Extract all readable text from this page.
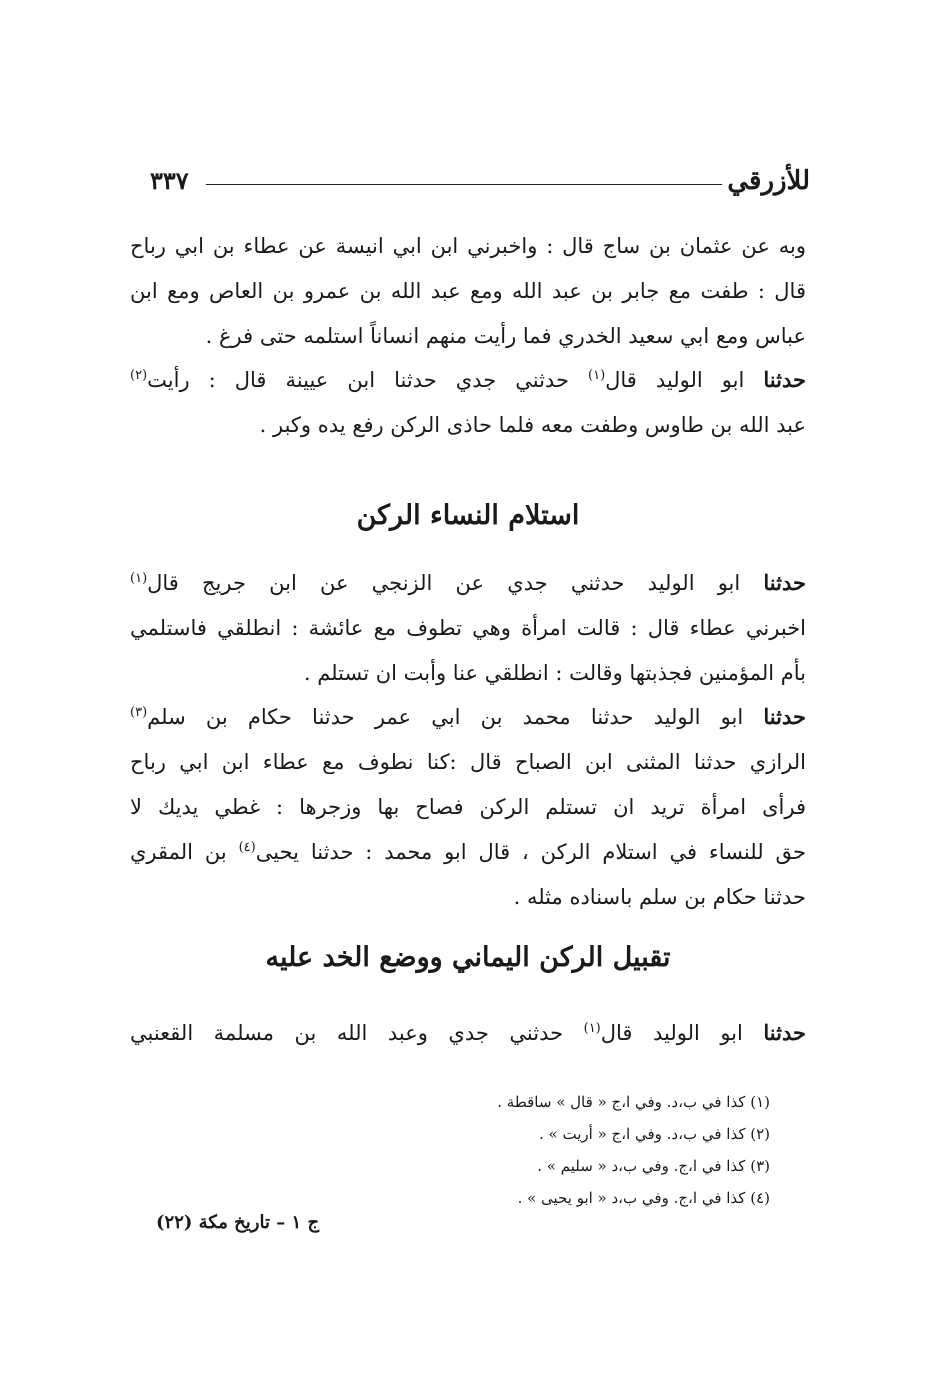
٣٣٧	للأزرقي
وبه عن عثمان بن ساج قال : واخبرني ابن ابي انيسة عن عطاء بن ابي رباح
قال : طفت مع جابر بن عبد الله ومع عبد الله بن عمرو بن العاص ومع ابن
عباس ومع ابي سعيد الخدري فما رأيت منهم انساناً استلمه حتى فرغ .
حدثنا ابو الوليد قال$^{(١)}$ حدثني جدي حدثنا ابن عيينة قال : رأيت$^{(٢)}$
عبد الله بن طاوس وطفت معه فلما حاذى الركن رفع يده وكبر .
استلام النساء الركن
حدثنا ابو الوليد حدثني جدي عن الزنجي عن ابن جريج قال$^{(١)}$
اخبرني عطاء قال : قالت امرأة وهي تطوف مع عائشة : انطلقي فاستلمي
بأم المؤمنين فجذبتها وقالت : انطلقي عنا وأبت ان تستلم .
حدثنا ابو الوليد حدثنا محمد بن ابي عمر حدثنا حكام بن سلم$^{(٣)}$
الرازي حدثنا المثنى ابن الصباح قال :كنا نطوف مع عطاء ابن ابي رباح
فرأى امرأة تريد ان تستلم الركن فصاح بها وزجرها : غطي يديك لا
حق للنساء في استلام الركن ، قال ابو محمد : حدثنا يحيى$^{(٤)}$ بن المقري
حدثنا حكام بن سلم باسناده مثله .
تقبيل الركن اليماني ووضع الخد عليه
حدثنا ابو الوليد قال$^{(١)}$ حدثني جدي وعبد الله بن مسلمة القعنبي
(١) كذا في ب،د. وفي ا،ج « قال » ساقطة .
(٢) كذا في ب،د. وفي ا،ج « أريت » .
(٣) كذا في ا،ج. وفي ب،د « سليم » .
(٤) كذا في ا،ج. وفي ب،د « ابو يحيى » .
ج ١ – تاريخ مكة (٢٢)
